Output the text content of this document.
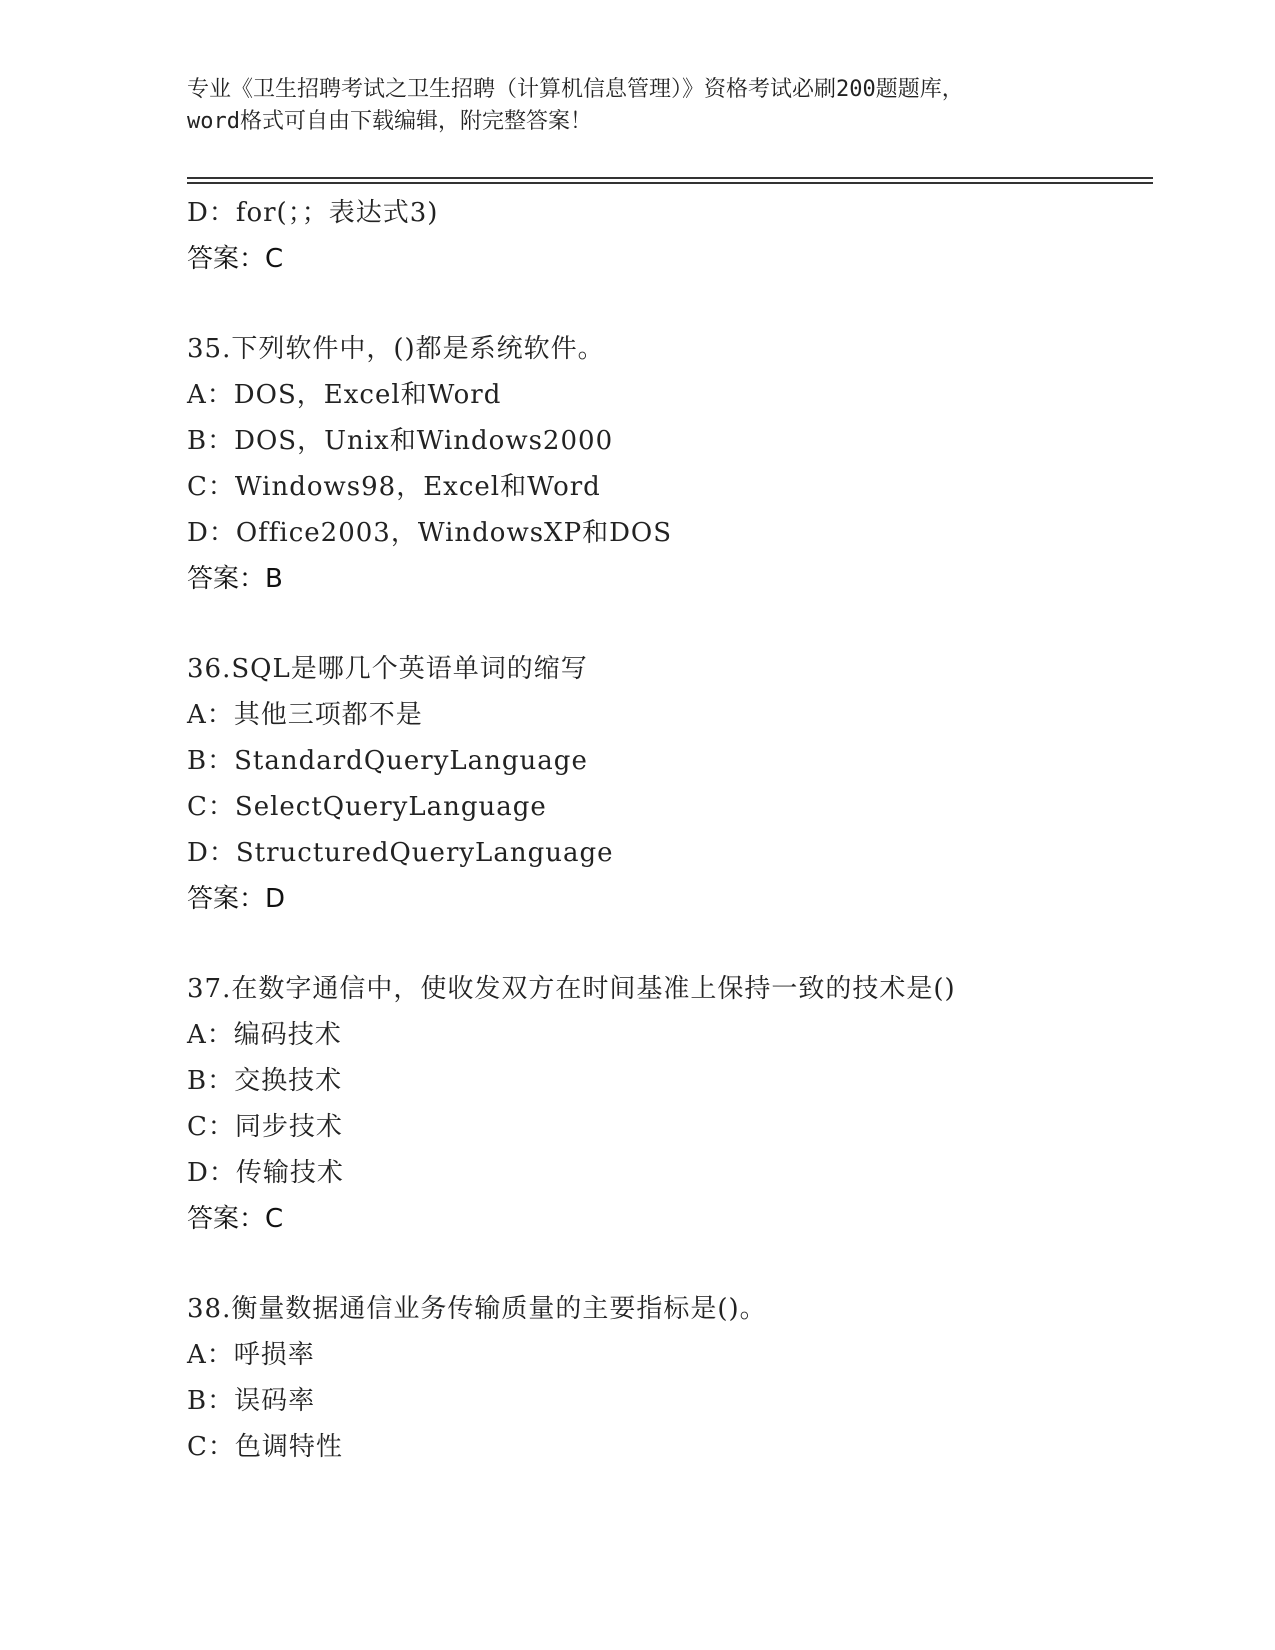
专业《卫生招聘考试之卫生招聘（计算机信息管理）》资格考试必刷200题题库，
word格式可自由下载编辑，附完整答案！
D：for(；；表达式3)
答案：C
35.下列软件中，()都是系统软件。
A：DOS，Excel和Word
B：DOS，Unix和Windows2000
C：Windows98，Excel和Word
D：Office2003，WindowsXP和DOS
答案：B
36.SQL是哪几个英语单词的缩写
A：其他三项都不是
B：StandardQueryLanguage
C：SelectQueryLanguage
D：StructuredQueryLanguage
答案：D
37.在数字通信中，使收发双方在时间基准上保持一致的技术是()
A：编码技术
B：交换技术
C：同步技术
D：传输技术
答案：C
38.衡量数据通信业务传输质量的主要指标是()。
A：呼损率
B：误码率
C：色调特性
